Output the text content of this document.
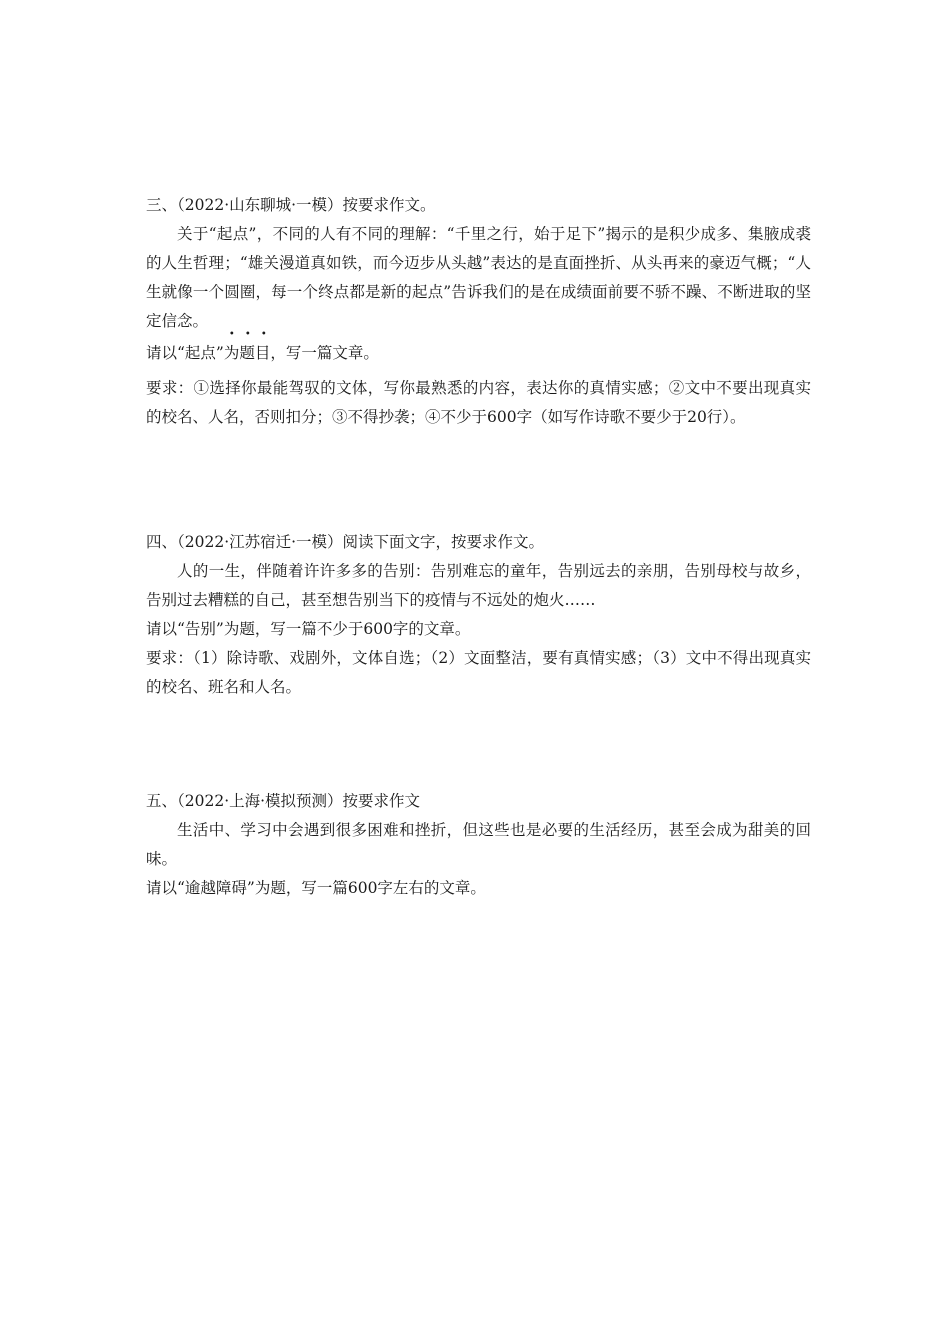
三、（2022·山东聊城·一模）按要求作文。

关于“起点”，不同的人有不同的理解：“千里之行，始于足下”揭示的是积少成多、集腋成裘的人生哲理；“雄关漫道真如铁，而今迈步从头越”表达的是直面挫折、从头再来的豪迈气概；“人生就像一个圆圈，每一个终点都是新的起点”告诉我们的是在成绩面前要不骄不躁、不断进取的坚定信念。

请以“起点”为题目
• • •
，写一篇文章。

要求：①选择你最能驾驭的文体，写你最熟悉的内容，表达你的真情实感；②文中不要出现真实的校名、人名，否则扣分；③不得抄袭；④不少于600字（如写作诗歌不要少于20行）。

四、（2022·江苏宿迁·一模）阅读下面文字，按要求作文。

人的一生，伴随着许许多多的告别：告别难忘的童年，告别远去的亲朋，告别母校与故乡，告别过去糟糕的自己，甚至想告别当下的疫情与不远处的炮火……

请以“告别”为题，写一篇不少于600字的文章。

要求：（1）除诗歌、戏剧外，文体自选；（2）文面整洁，要有真情实感；（3）文中不得出现真实的校名、班名和人名。

五、（2022·上海·模拟预测）按要求作文

生活中、学习中会遇到很多困难和挫折，但这些也是必要的生活经历，甚至会成为甜美的回味。

请以“逾越障碍”为题，写一篇600字左右的文章。
